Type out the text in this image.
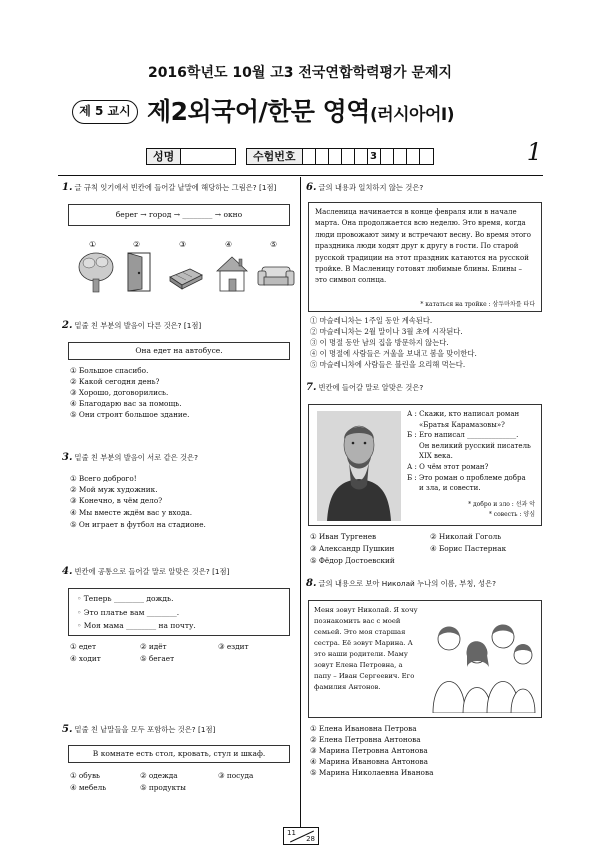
2016학년도 10월 고3 전국연합학력평가 문제지
제 5 교시 제2외국어/한문 영역(러시아어Ⅰ)
성명	수험번호	3	1
1. 글 규칙 잇기에서 빈칸에 들어갈 낱말에 해당하는 그림은? [1점]
берег → город → ________ → окно
①	②	③	④	⑤
2. 밑줄 친 부분의 발음이 다른 것은? [1점]
Она едет на автобусе.
① Большое спасибо.
② Какой сегодня день?
③ Хорошо, договорились.
④ Благодарю вас за помощь.
⑤ Они строят большое здание.
3. 밑줄 친 부분의 발음이 서로 같은 것은?
① Всего доброго!
② Мой муж художник.
③ Конечно, в чём дело?
④ Мы вместе ждём вас у входа.
⑤ Он играет в футбол на стадионе.
4. 빈칸에 공통으로 들어갈 말로 알맞은 것은? [1점]
◦ Теперь ________ дождь.
◦ Это платье вам ________.
◦ Моя мама ________ на почту.
① едет	② идёт	③ ездит
④ ходит	⑤ бегает
5. 밑줄 친 낱말들을 모두 포함하는 것은? [1점]
В комнате есть стол, кровать, стул и шкаф.
① обувь	② одежда	③ посуда
④ мебель	⑤ продукты
6. 글의 내용과 일치하지 않는 것은?
Масленица начинается в конце февраля или в начале марта. Она продолжается всю неделю. Это время, когда люди провожают зиму и встречают весну. Во время этого праздника люди ходят друг к другу в гости. По старой русской традиции на этот праздник катаются на русской тройке. В Масленицу готовят любимые блины. Блины – это символ солнца.
* кататься на тройке : 삼두마차를 타다
① 마슬레니차는 1주일 동안 계속된다.
② 마슬레니차는 2월 말이나 3월 초에 시작된다.
③ 이 명절 동안 남의 집을 방문하지 않는다.
④ 이 명절에 사람들은 겨울을 보내고 봄을 맞이한다.
⑤ 마슬레니차에 사람들은 블린을 요리해 먹는다.
7. 빈칸에 들어갈 말로 알맞은 것은?
А : Скажи, кто написал роман
«Братья Карамазовы»?
Б : Его написал ______________.
Он великий русский писатель
XIX века.
А : О чём этот роман?
Б : Это роман о проблеме добра
и зла, и совести.
* добро и зло : 선과 악
* совесть : 양심
① Иван Тургенев	② Николай Гоголь
③ Александр Пушкин	④ Борис Пастернак
⑤ Фёдор Достоевский
8. 글의 내용으로 보아 Николай 누나의 이름, 부칭, 성은?
Меня зовут Николай. Я хочу познакомить вас с моей семьей. Это моя старшая сестра. Её зовут Марина. А это наши родители. Маму зовут Елена Петровна, а папу – Иван Сергеевич. Его фамилия Антонов.
① Елена Ивановна Петрова
② Елена Петровна Антонова
③ Марина Петровна Антонова
④ Марина Ивановна Антонова
⑤ Марина Николаевна Иванова
11
28
